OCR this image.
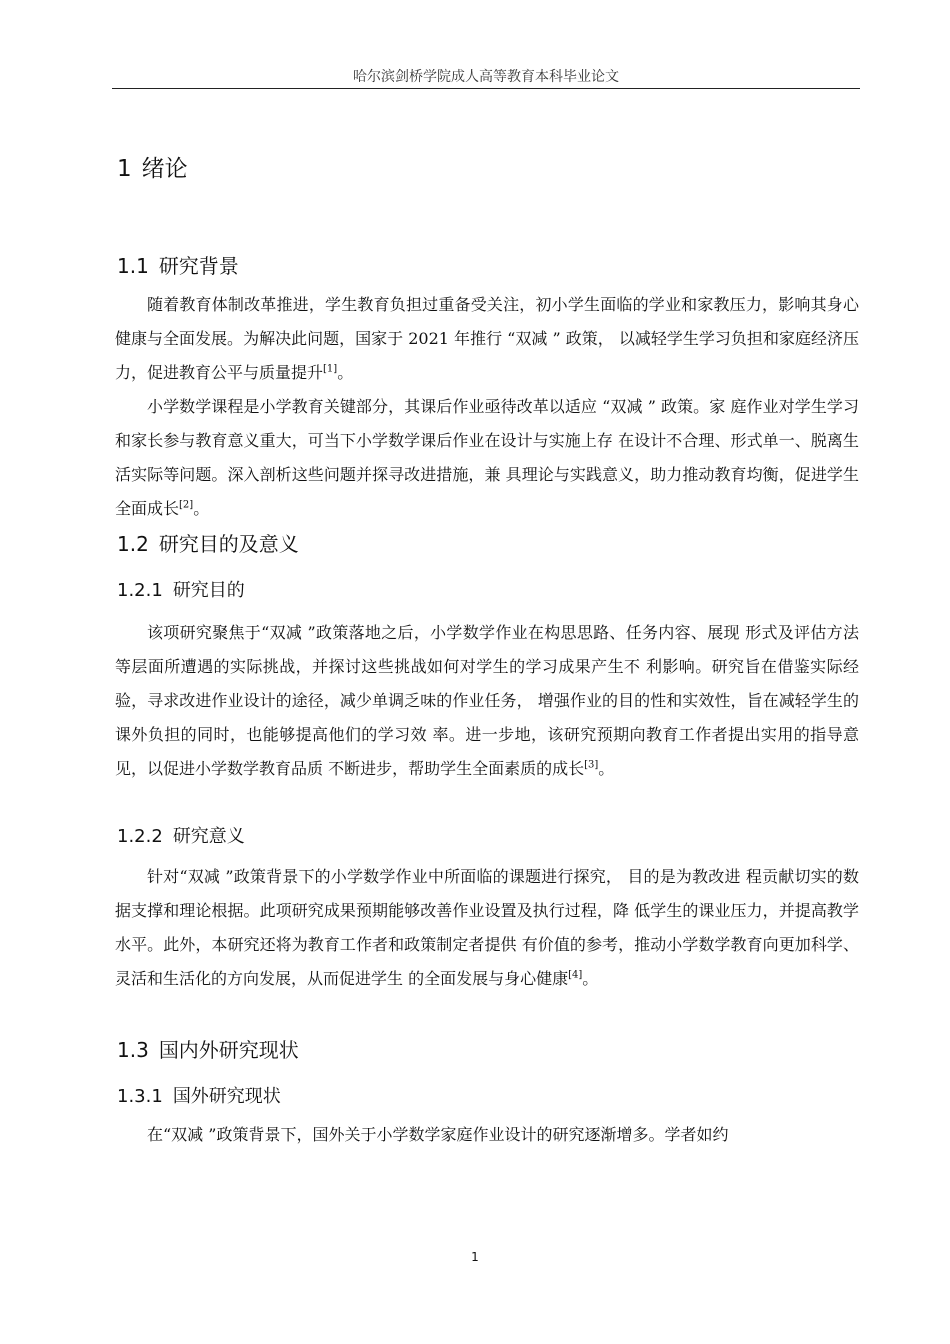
哈尔滨剑桥学院成人高等教育本科毕业论文
1 绪论
1.1 研究背景

随着教育体制改革推进，学生教育负担过重备受关注，初小学生面临的学业和家教压力，影响其身心健康与全面发展。为解决此问题，国家于 2021 年推行 “双减 ” 政策， 以减轻学生学习负担和家庭经济压力，促进教育公平与质量提升[1]。

小学数学课程是小学教育关键部分，其课后作业亟待改革以适应 “双减 ” 政策。家 庭作业对学生学习和家长参与教育意义重大，可当下小学数学课后作业在设计与实施上存 在设计不合理、形式单一、脱离生活实际等问题。深入剖析这些问题并探寻改进措施，兼 具理论与实践意义，助力推动教育均衡，促进学生全面成长[2]。

1.2 研究目的及意义
1.2.1 研究目的

该项研究聚焦于“双减 ”政策落地之后，小学数学作业在构思思路、任务内容、展现 形式及评估方法等层面所遭遇的实际挑战，并探讨这些挑战如何对学生的学习成果产生不 利影响。研究旨在借鉴实际经验，寻求改进作业设计的途径，减少单调乏味的作业任务， 增强作业的目的性和实效性，旨在减轻学生的课外负担的同时，也能够提高他们的学习效 率。进一步地，该研究预期向教育工作者提出实用的指导意见，以促进小学数学教育品质 不断进步，帮助学生全面素质的成长[3]。

1.2.2 研究意义

针对“双减 ”政策背景下的小学数学作业中所面临的课题进行探究， 目的是为教改进 程贡献切实的数据支撑和理论根据。此项研究成果预期能够改善作业设置及执行过程，降 低学生的课业压力，并提高教学水平。此外，本研究还将为教育工作者和政策制定者提供 有价值的参考，推动小学数学教育向更加科学、灵活和生活化的方向发展，从而促进学生 的全面发展与身心健康[4]。

1.3 国内外研究现状
1.3.1 国外研究现状

在“双减 ”政策背景下，国外关于小学数学家庭作业设计的研究逐渐增多。学者如约

1
